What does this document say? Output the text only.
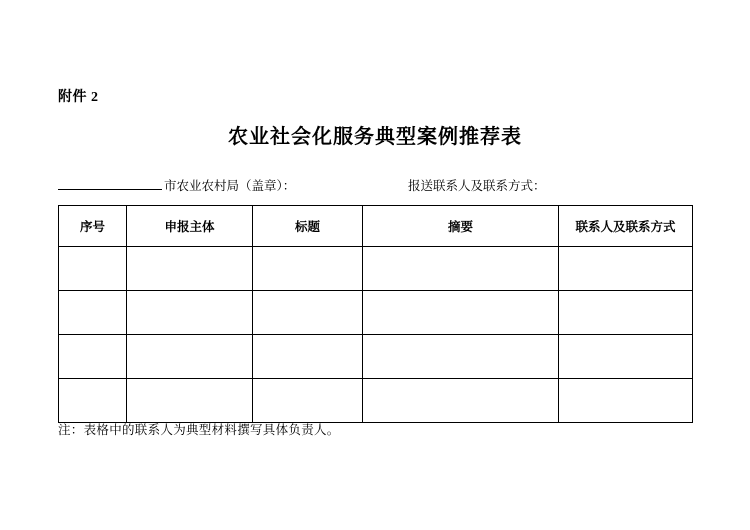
附件 2
农业社会化服务典型案例推荐表
市农业农村局（盖章）：	报送联系人及联系方式：
序号	申报主体	标题	摘要	联系人及联系方式

注：表格中的联系人为典型材料撰写具体负责人。
